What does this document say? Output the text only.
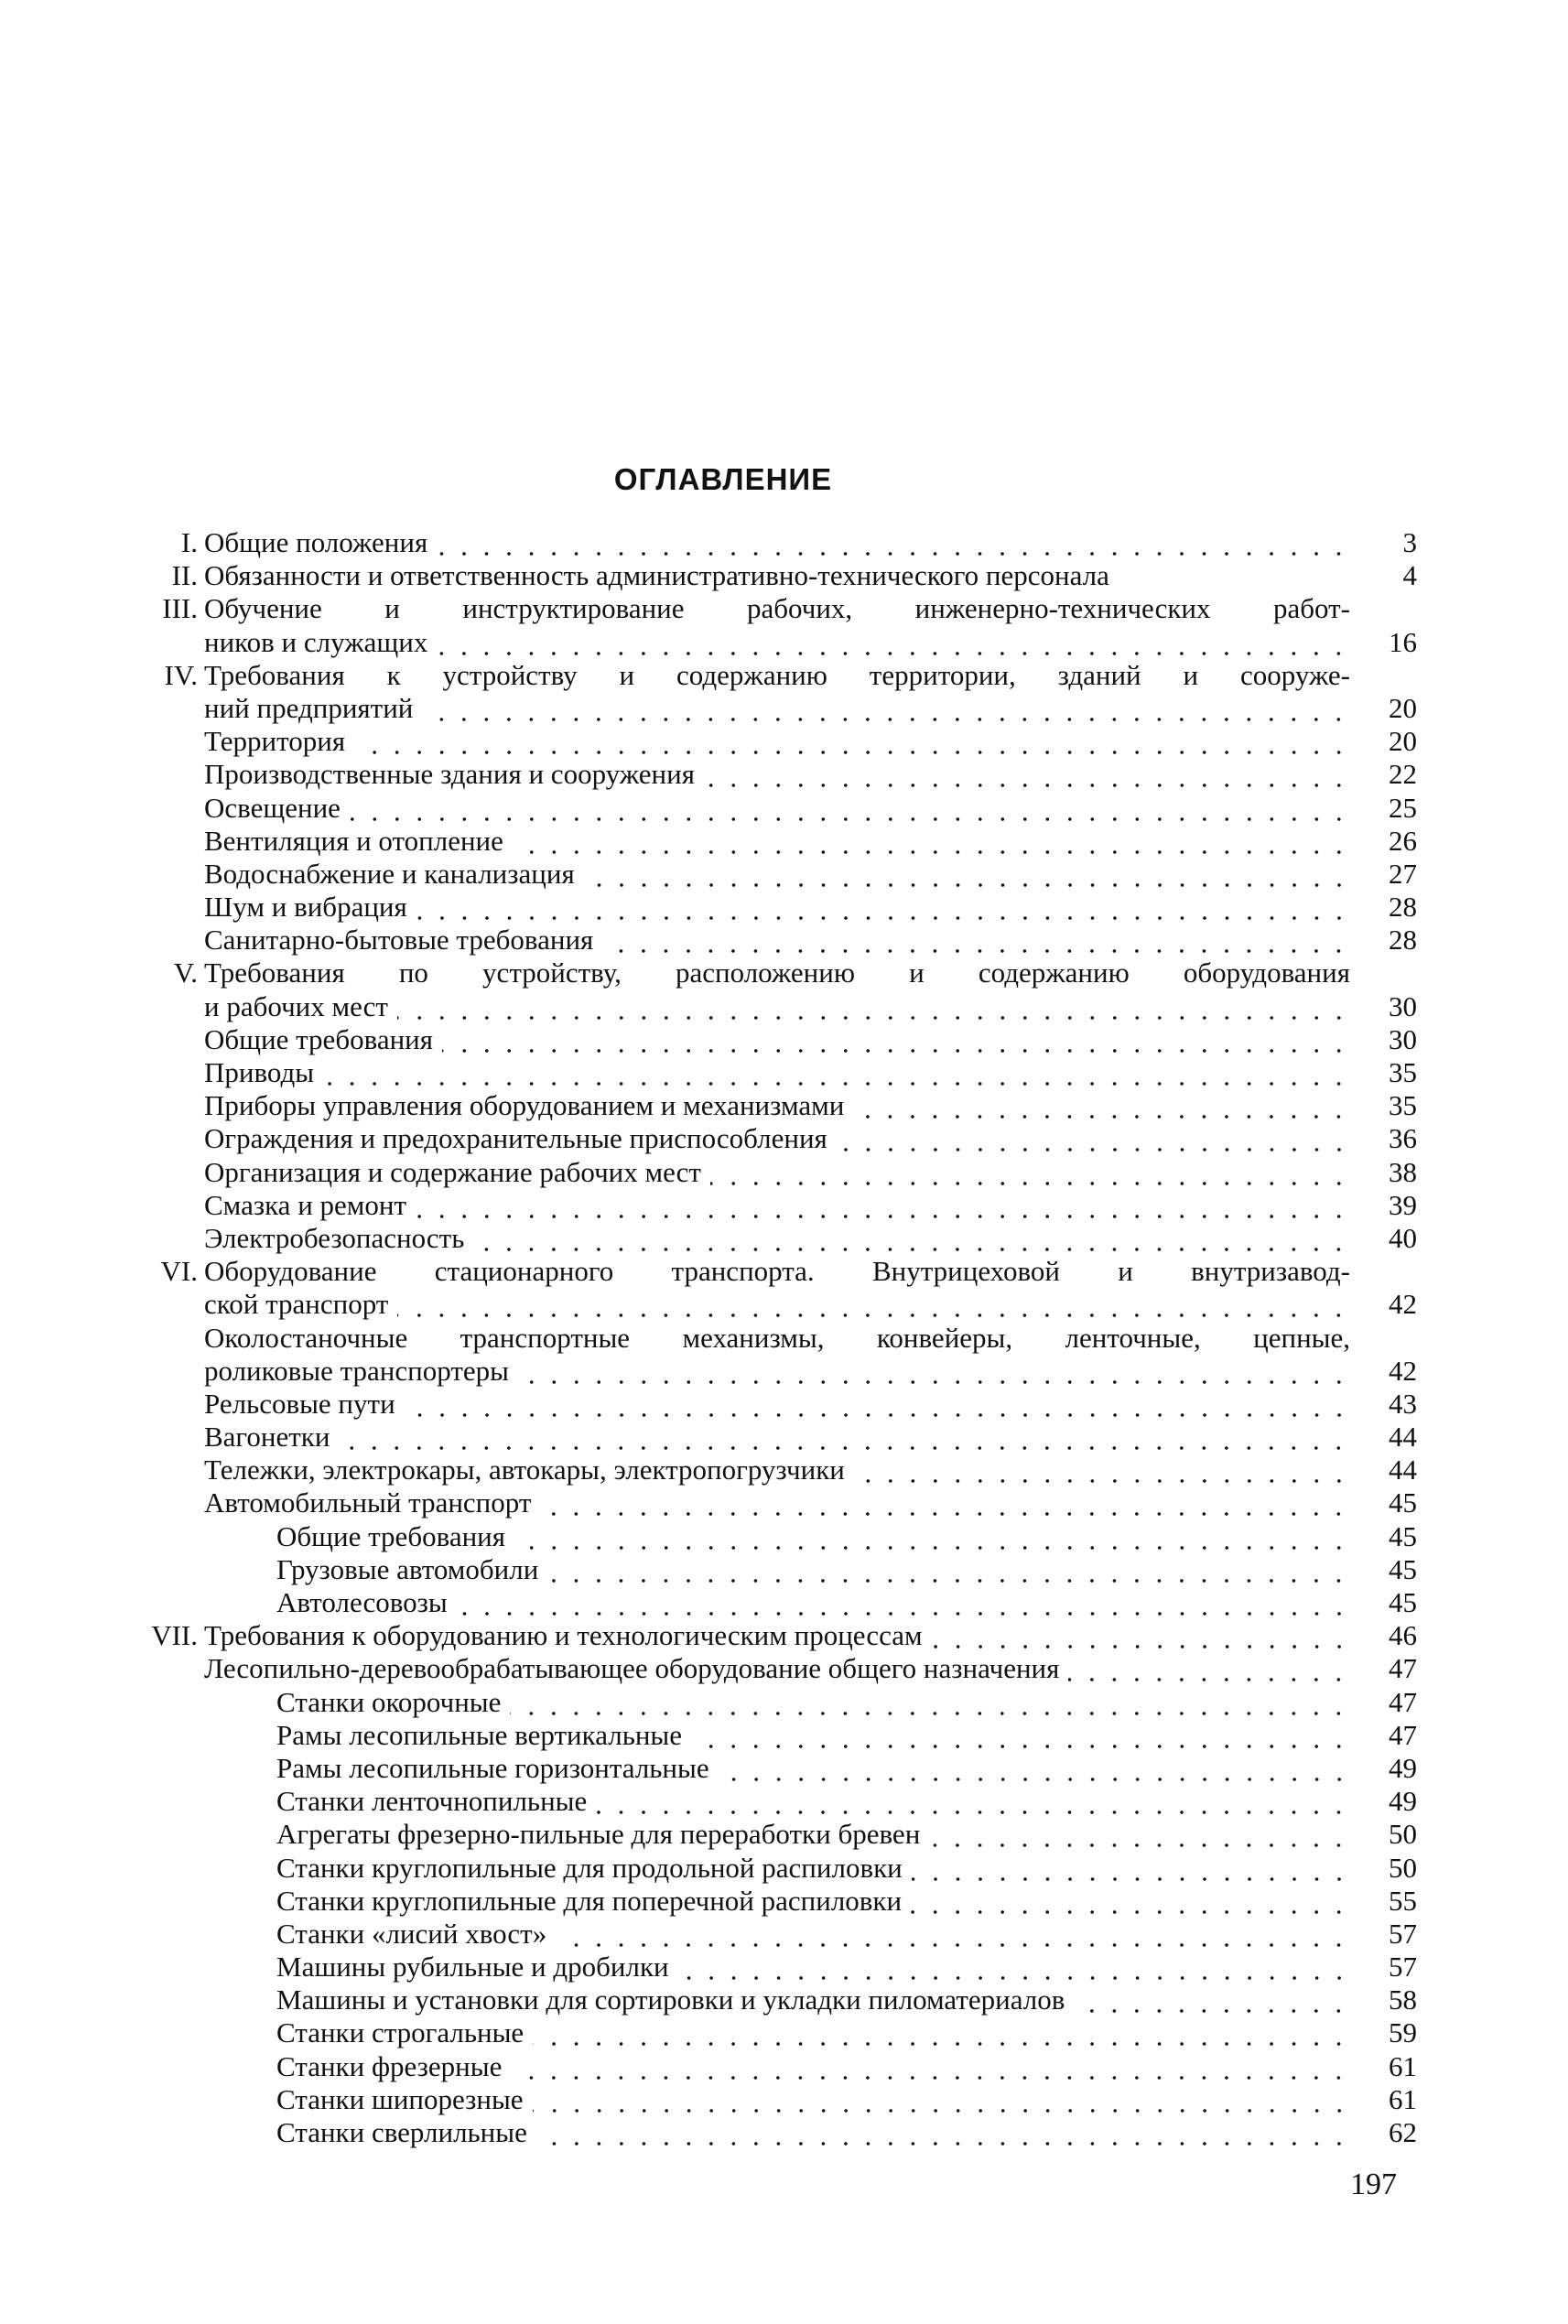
ОГЛАВЛЕНИЕ
I. Общие положения	3
II. Обязанности и ответственность административно-технического персонала	4
III. Обучение и инструктирование рабочих, инженерно-технических работ-
ников и служащих	16
IV. Требования к устройству и содержанию территории, зданий и сооруже-
ний предприятий	20
Территория	20
Производственные здания и сооружения	22
Освещение	25
Вентиляция и отопление	26
Водоснабжение и канализация	27
Шум и вибрация	28
Санитарно-бытовые требования	28
V. Требования по устройству, расположению и содержанию оборудования
и рабочих мест	30
Общие требования	30
Приводы	35
Приборы управления оборудованием и механизмами	35
Ограждения и предохранительные приспособления	36
Организация и содержание рабочих мест	38
Смазка и ремонт	39
Электробезопасность	40
VI. Оборудование стационарного транспорта. Внутрицеховой и внутризавод-
ской транспорт	42
Околостаночные транспортные механизмы, конвейеры, ленточные, цепные,
роликовые транспортеры	42
Рельсовые пути	43
Вагонетки	44
Тележки, электрокары, автокары, электропогрузчики	44
Автомобильный транспорт	45
Общие требования	45
Грузовые автомобили	45
Автолесовозы	45
VII. Требования к оборудованию и технологическим процессам	46
Лесопильно-деревообрабатывающее оборудование общего назначения	47
Станки окорочные	47
Рамы лесопильные вертикальные	47
Рамы лесопильные горизонтальные	49
Станки ленточнопильные	49
Агрегаты фрезерно-пильные для переработки бревен	50
Станки круглопильные для продольной распиловки	50
Станки круглопильные для поперечной распиловки	55
Станки «лисий хвост»	57
Машины рубильные и дробилки	57
Машины и установки для сортировки и укладки пиломатериалов	58
Станки строгальные	59
Станки фрезерные	61
Станки шипорезные	61
Станки сверлильные	62
197
